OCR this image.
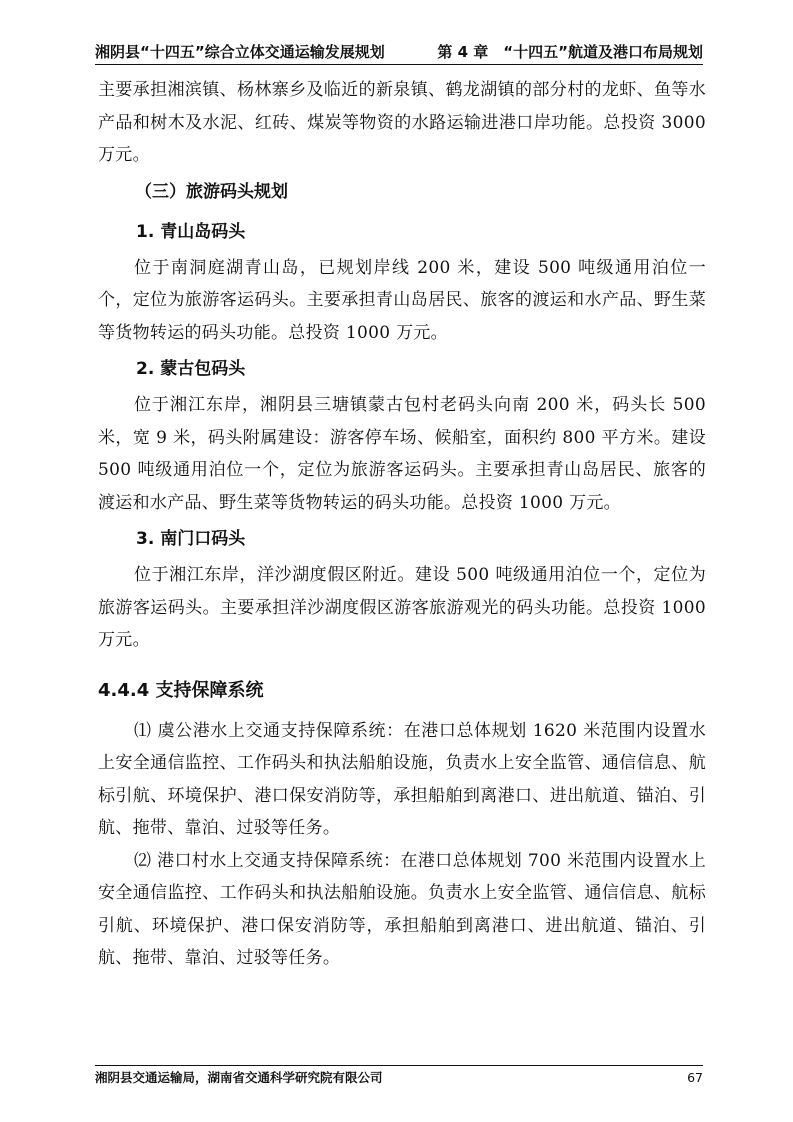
湘阴县“十四五”综合立体交通运输发展规划	第 4 章　“十四五”航道及港口布局规划

主要承担湘滨镇、杨林寨乡及临近的新泉镇、鹤龙湖镇的部分村的龙虾、鱼等水产品和树木及水泥、红砖、煤炭等物资的水路运输进港口岸功能。总投资 3000 万元。

（三）旅游码头规划

1. 青山岛码头

位于南洞庭湖青山岛，已规划岸线 200 米，建设 500 吨级通用泊位一个，定位为旅游客运码头。主要承担青山岛居民、旅客的渡运和水产品、野生菜等货物转运的码头功能。总投资 1000 万元。

2. 蒙古包码头

位于湘江东岸，湘阴县三塘镇蒙古包村老码头向南 200 米，码头长 500 米，宽 9 米，码头附属建设：游客停车场、候船室，面积约 800 平方米。建设 500 吨级通用泊位一个，定位为旅游客运码头。主要承担青山岛居民、旅客的渡运和水产品、野生菜等货物转运的码头功能。总投资 1000 万元。

3. 南门口码头

位于湘江东岸，洋沙湖度假区附近。建设 500 吨级通用泊位一个，定位为旅游客运码头。主要承担洋沙湖度假区游客旅游观光的码头功能。总投资 1000 万元。

4.4.4 支持保障系统

⑴ 虞公港水上交通支持保障系统：在港口总体规划 1620 米范围内设置水上安全通信监控、工作码头和执法船舶设施，负责水上安全监管、通信信息、航标引航、环境保护、港口保安消防等，承担船舶到离港口、进出航道、锚泊、引航、拖带、靠泊、过驳等任务。

⑵ 港口村水上交通支持保障系统：在港口总体规划 700 米范围内设置水上安全通信监控、工作码头和执法船舶设施。负责水上安全监管、通信信息、航标引航、环境保护、港口保安消防等，承担船舶到离港口、进出航道、锚泊、引航、拖带、靠泊、过驳等任务。

湘阴县交通运输局，湖南省交通科学研究院有限公司	67
